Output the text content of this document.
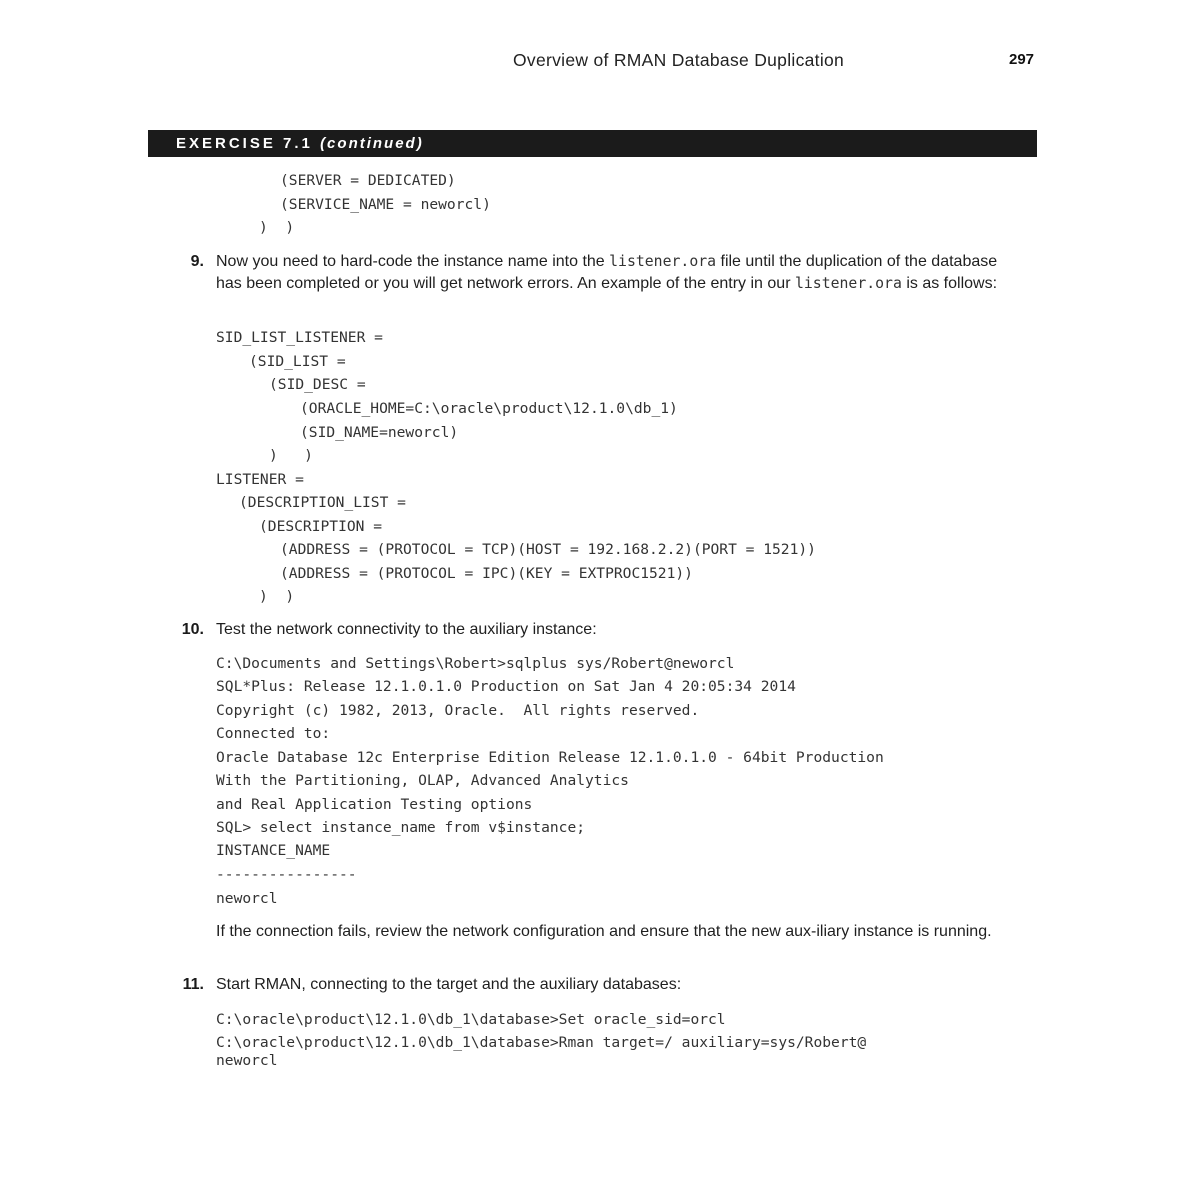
Overview of RMAN Database Duplication	297
EXERCISE 7.1 (continued)
(SERVER = DEDICATED)
(SERVICE_NAME = neworcl)
)  )
9. Now you need to hard-code the instance name into the listener.ora file until the duplication of the database has been completed or you will get network errors. An example of the entry in our listener.ora is as follows:
SID_LIST_LISTENER =
(SID_LIST =
(SID_DESC =
(ORACLE_HOME=C:\oracle\product\12.1.0\db_1)
(SID_NAME=neworcl)
)   )
LISTENER =
(DESCRIPTION_LIST =
(DESCRIPTION =
(ADDRESS = (PROTOCOL = TCP)(HOST = 192.168.2.2)(PORT = 1521))
(ADDRESS = (PROTOCOL = IPC)(KEY = EXTPROC1521))
)  )
10. Test the network connectivity to the auxiliary instance:
C:\Documents and Settings\Robert>sqlplus sys/Robert@neworcl
SQL*Plus: Release 12.1.0.1.0 Production on Sat Jan 4 20:05:34 2014
Copyright (c) 1982, 2013, Oracle.  All rights reserved.
Connected to:
Oracle Database 12c Enterprise Edition Release 12.1.0.1.0 - 64bit Production
With the Partitioning, OLAP, Advanced Analytics
and Real Application Testing options
SQL> select instance_name from v$instance;
INSTANCE_NAME
----------------
neworcl
If the connection fails, review the network configuration and ensure that the new aux-iliary instance is running.
11. Start RMAN, connecting to the target and the auxiliary databases:
C:\oracle\product\12.1.0\db_1\database>Set oracle_sid=orcl
C:\oracle\product\12.1.0\db_1\database>Rman target=/ auxiliary=sys/Robert@
neworcl
